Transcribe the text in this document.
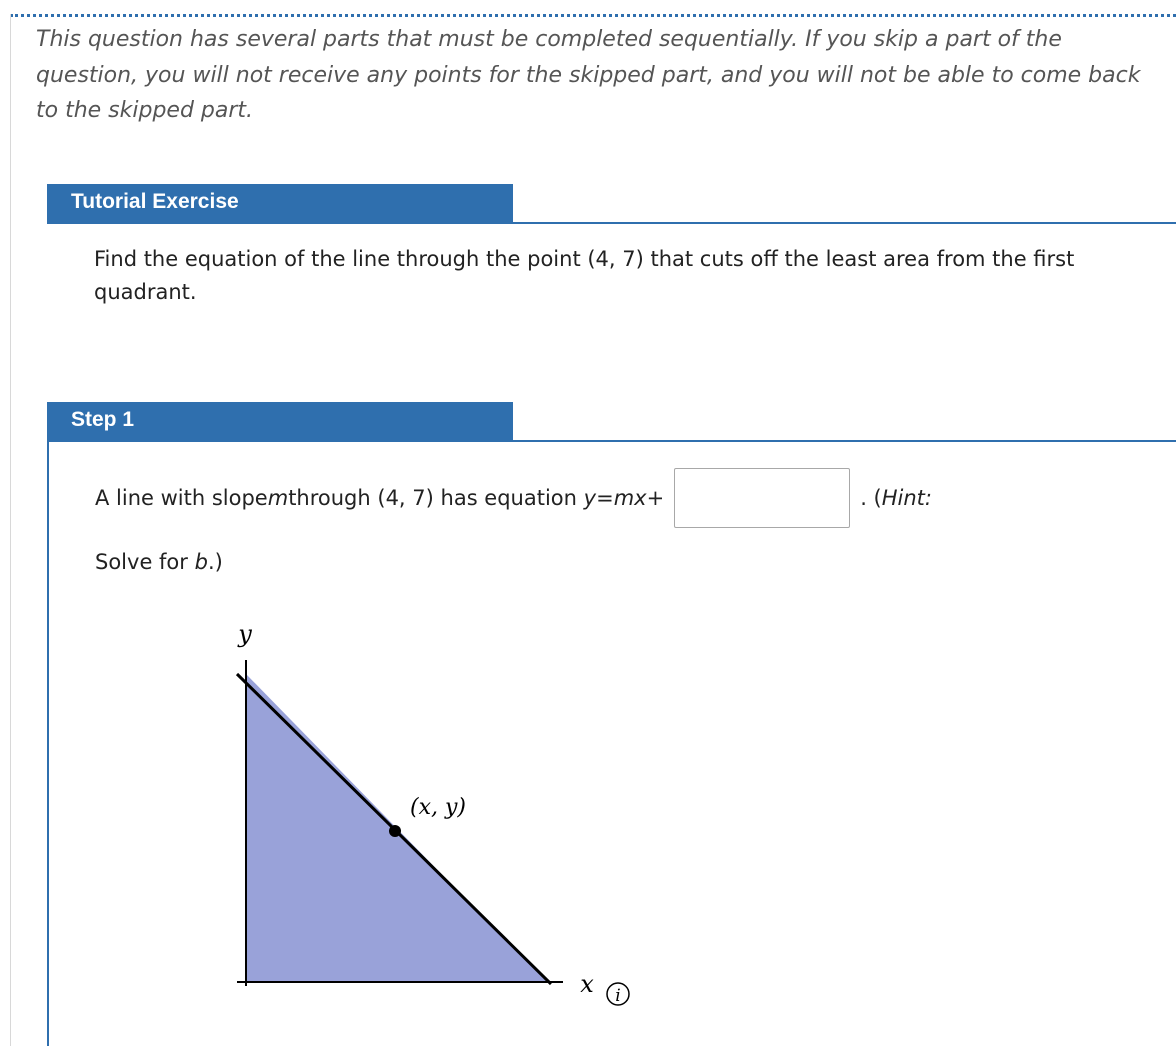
This question has several parts that must be completed sequentially. If you skip a part of the question, you will not receive any points for the skipped part, and you will not be able to come back to the skipped part.
Tutorial Exercise
Find the equation of the line through the point (4, 7) that cuts off the least area from the first quadrant.
Step 1
A line with slope m through (4, 7) has equation
y = mx +	. ( Hint:
Solve for b.)
y
x
(x, y)
i
